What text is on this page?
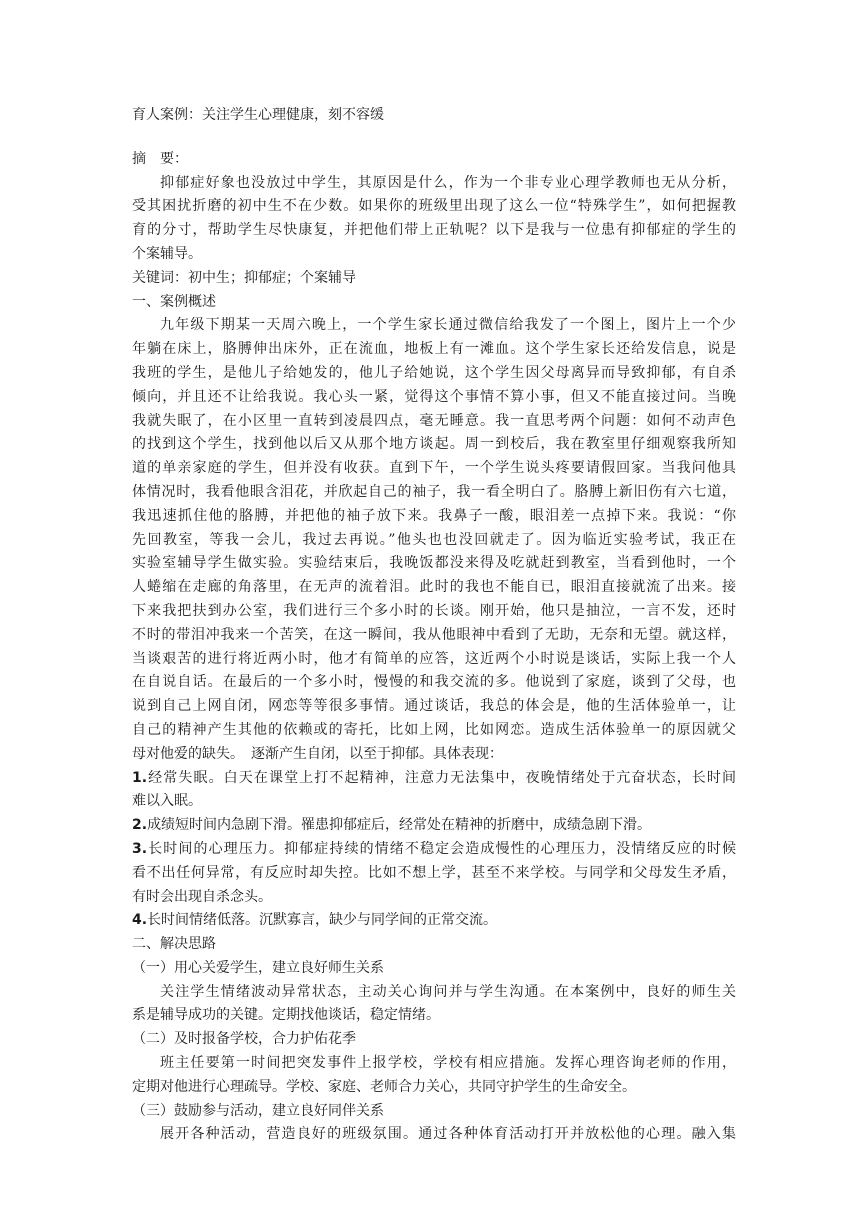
育人案例：关注学生心理健康，刻不容缓
摘　要：
抑郁症好象也没放过中学生，其原因是什么，作为一个非专业心理学教师也无从分析，
受其困扰折磨的初中生不在少数。如果你的班级里出现了这么一位“特殊学生”，如何把握教
育的分寸，帮助学生尽快康复，并把他们带上正轨呢？以下是我与一位患有抑郁症的学生的
个案辅导。
关键词：初中生；抑郁症；个案辅导
一、案例概述
九年级下期某一天周六晚上，一个学生家长通过微信给我发了一个图上，图片上一个少
年躺在床上，胳膊伸出床外，正在流血，地板上有一滩血。这个学生家长还给发信息，说是
我班的学生，是他儿子给她发的，他儿子给她说，这个学生因父母离异而导致抑郁，有自杀
倾向，并且还不让给我说。我心头一紧，觉得这个事情不算小事，但又不能直接过问。当晚
我就失眠了，在小区里一直转到凌晨四点，毫无睡意。我一直思考两个问题：如何不动声色
的找到这个学生，找到他以后又从那个地方谈起。周一到校后，我在教室里仔细观察我所知
道的单亲家庭的学生，但并没有收获。直到下午，一个学生说头疼要请假回家。当我问他具
体情况时，我看他眼含泪花，并欣起自己的袖子，我一看全明白了。胳膊上新旧伤有六七道，
我迅速抓住他的胳膊，并把他的袖子放下来。我鼻子一酸，眼泪差一点掉下来。我说：“你
先回教室，等我一会儿，我过去再说。”他头也也没回就走了。因为临近实验考试，我正在
实验室辅导学生做实验。实验结束后，我晚饭都没来得及吃就赶到教室，当看到他时，一个
人蜷缩在走廊的角落里，在无声的流着泪。此时的我也不能自已，眼泪直接就流了出来。接
下来我把扶到办公室，我们进行三个多小时的长谈。刚开始，他只是抽泣，一言不发，还时
不时的带泪冲我来一个苦笑，在这一瞬间，我从他眼神中看到了无助，无奈和无望。就这样，
当谈艰苦的进行将近两小时，他才有简单的应答，这近两个小时说是谈话，实际上我一个人
在自说自话。在最后的一个多小时，慢慢的和我交流的多。他说到了家庭，谈到了父母，也
说到自己上网自闭，网恋等等很多事情。通过谈话，我总的体会是，他的生活体验单一，让
自己的精神产生其他的依赖或的寄托，比如上网，比如网恋。造成生活体验单一的原因就父
母对他爱的缺失。　逐渐产生自闭，以至于抑郁。具体表现：
1.经常失眠。白天在课堂上打不起精神，注意力无法集中，夜晚情绪处于亢奋状态，长时间
难以入眠。
2.成绩短时间内急剧下滑。罹患抑郁症后，经常处在精神的折磨中，成绩急剧下滑。
3.长时间的心理压力。抑郁症持续的情绪不稳定会造成慢性的心理压力，没情绪反应的时候
看不出任何异常，有反应时却失控。比如不想上学，甚至不来学校。与同学和父母发生矛盾，
有时会出现自杀念头。
4.长时间情绪低落。沉默寡言，缺少与同学间的正常交流。
二、解决思路
（一）用心关爱学生，建立良好师生关系
关注学生情绪波动异常状态，主动关心询问并与学生沟通。在本案例中，良好的师生关
系是辅导成功的关键。定期找他谈话，稳定情绪。
（二）及时报备学校，合力护佑花季
班主任要第一时间把突发事件上报学校，学校有相应措施。发挥心理咨询老师的作用，
定期对他进行心理疏导。学校、家庭、老师合力关心，共同守护学生的生命安全。
（三）鼓励参与活动，建立良好同伴关系
展开各种活动，营造良好的班级氛围。通过各种体育活动打开并放松他的心理。融入集
